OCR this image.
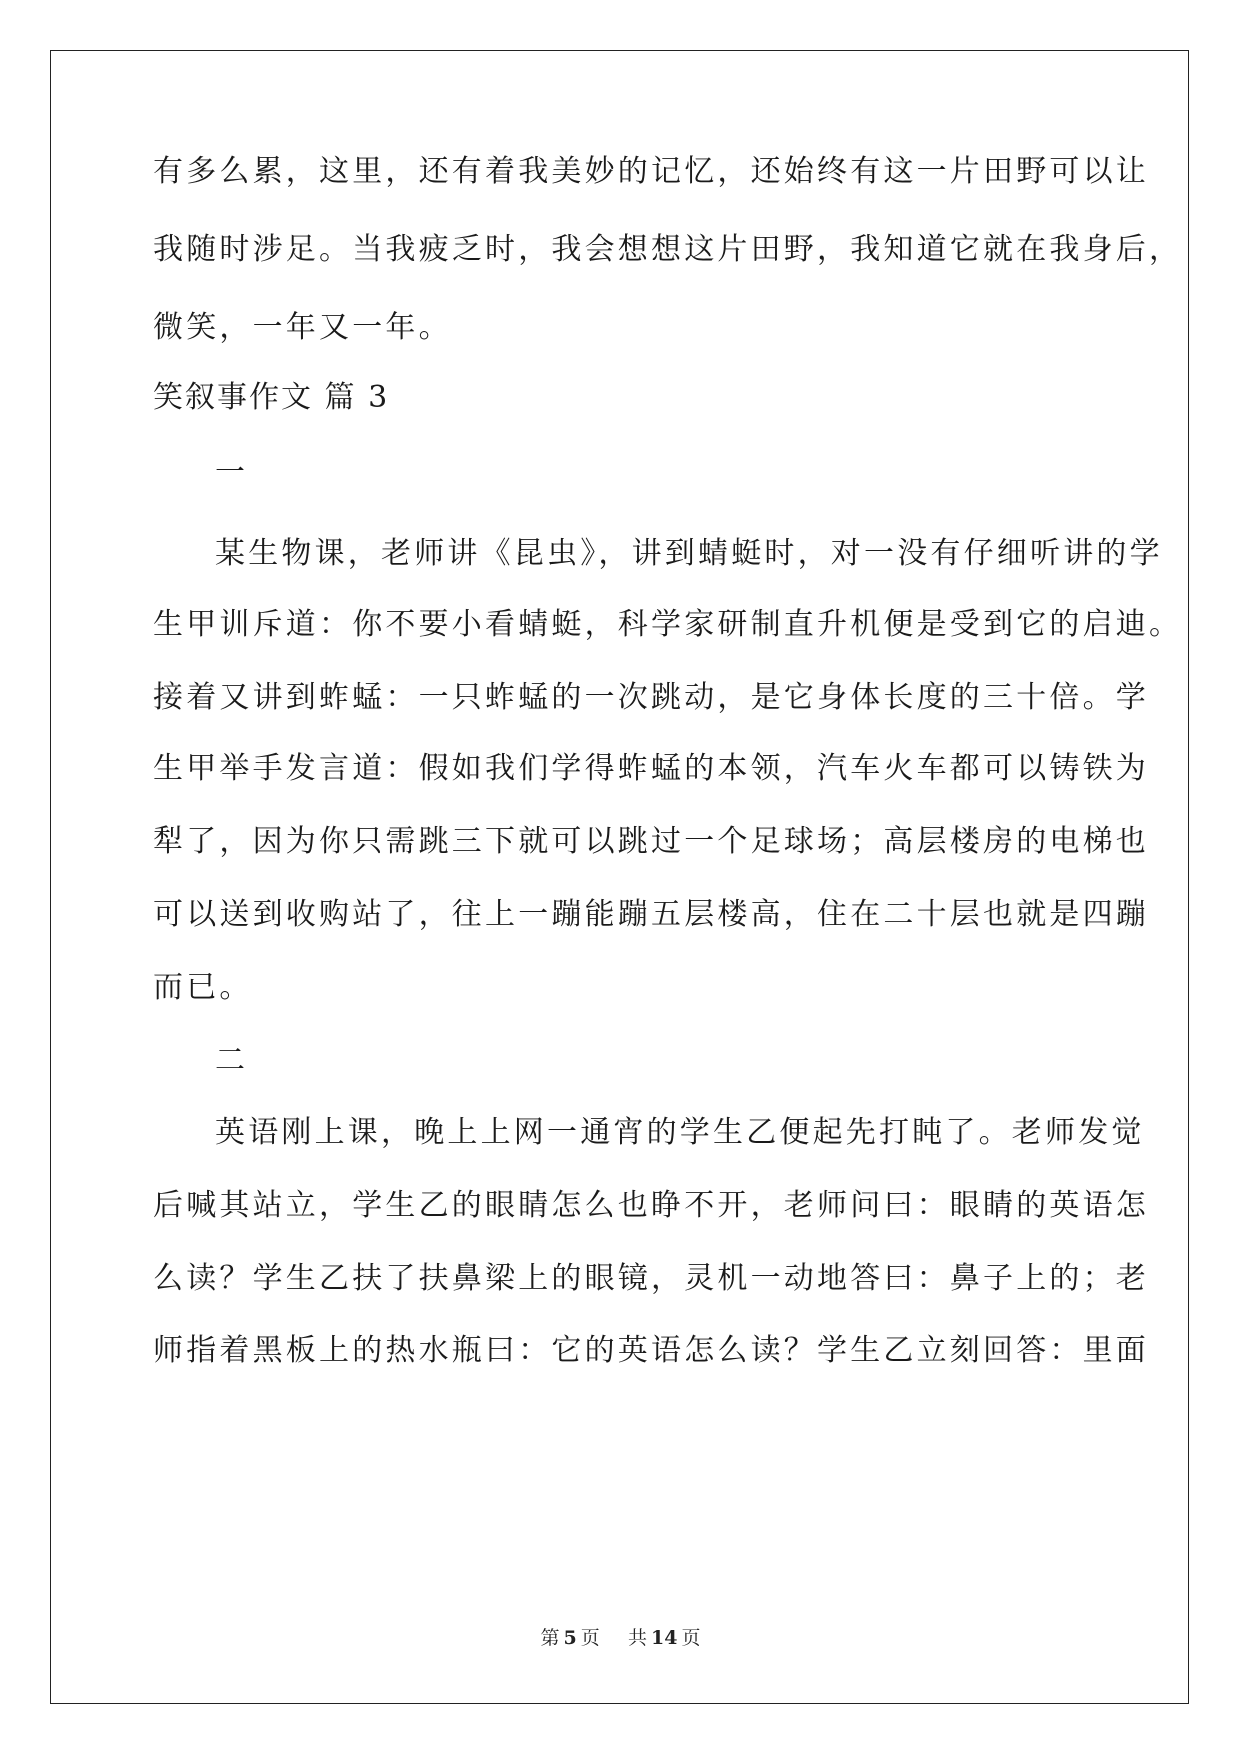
有多么累，这里，还有着我美妙的记忆，还始终有这一片田野可以让
我随时涉足。当我疲乏时，我会想想这片田野，我知道它就在我身后，
微笑，一年又一年。
笑叙事作文 篇 3
一
某生物课，老师讲《昆虫》，讲到蜻蜓时，对一没有仔细听讲的学
生甲训斥道：你不要小看蜻蜓，科学家研制直升机便是受到它的启迪。
接着又讲到蚱蜢：一只蚱蜢的一次跳动，是它身体长度的三十倍。学
生甲举手发言道：假如我们学得蚱蜢的本领，汽车火车都可以铸铁为
犁了，因为你只需跳三下就可以跳过一个足球场；高层楼房的电梯也
可以送到收购站了，往上一蹦能蹦五层楼高，住在二十层也就是四蹦
而已。
二
英语刚上课，晚上上网一通宵的学生乙便起先打盹了。老师发觉
后喊其站立，学生乙的眼睛怎么也睁不开，老师问曰：眼睛的英语怎
么读？学生乙扶了扶鼻梁上的眼镜，灵机一动地答曰：鼻子上的；老
师指着黑板上的热水瓶曰：它的英语怎么读？学生乙立刻回答：里面
第 5 页 共 14 页
